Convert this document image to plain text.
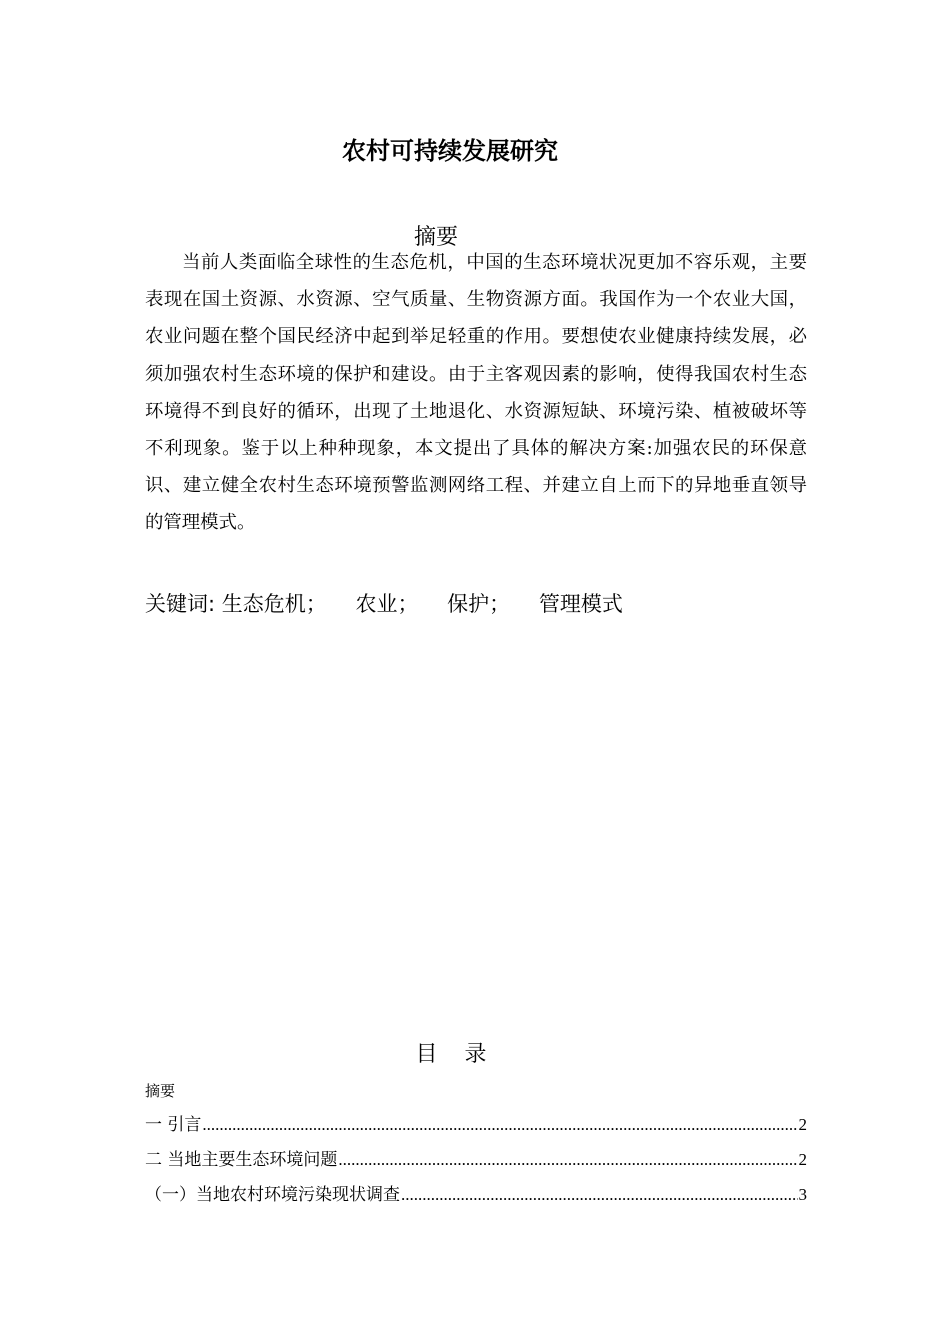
农村可持续发展研究
摘要

当前人类面临全球性的生态危机，中国的生态环境状况更加不容乐观，主要表现在国土资源、水资源、空气质量、生物资源方面。我国作为一个农业大国，农业问题在整个国民经济中起到举足轻重的作用。要想使农业健康持续发展，必须加强农村生态环境的保护和建设。由于主客观因素的影响，使得我国农村生态环境得不到良好的循环，出现了土地退化、水资源短缺、环境污染、植被破坏等不利现象。鉴于以上种种现象，本文提出了具体的解决方案:加强农民的环保意识、建立健全农村生态环境预警监测网络工程、并建立自上而下的异地垂直领导的管理模式。

关键词: 生态危机； 农业； 保护； 管理模式
目 录
摘要
一 引言 .....	2
二 当地主要生态环境问题 .....	2
（一）当地农村环境污染现状调查 .....	3
